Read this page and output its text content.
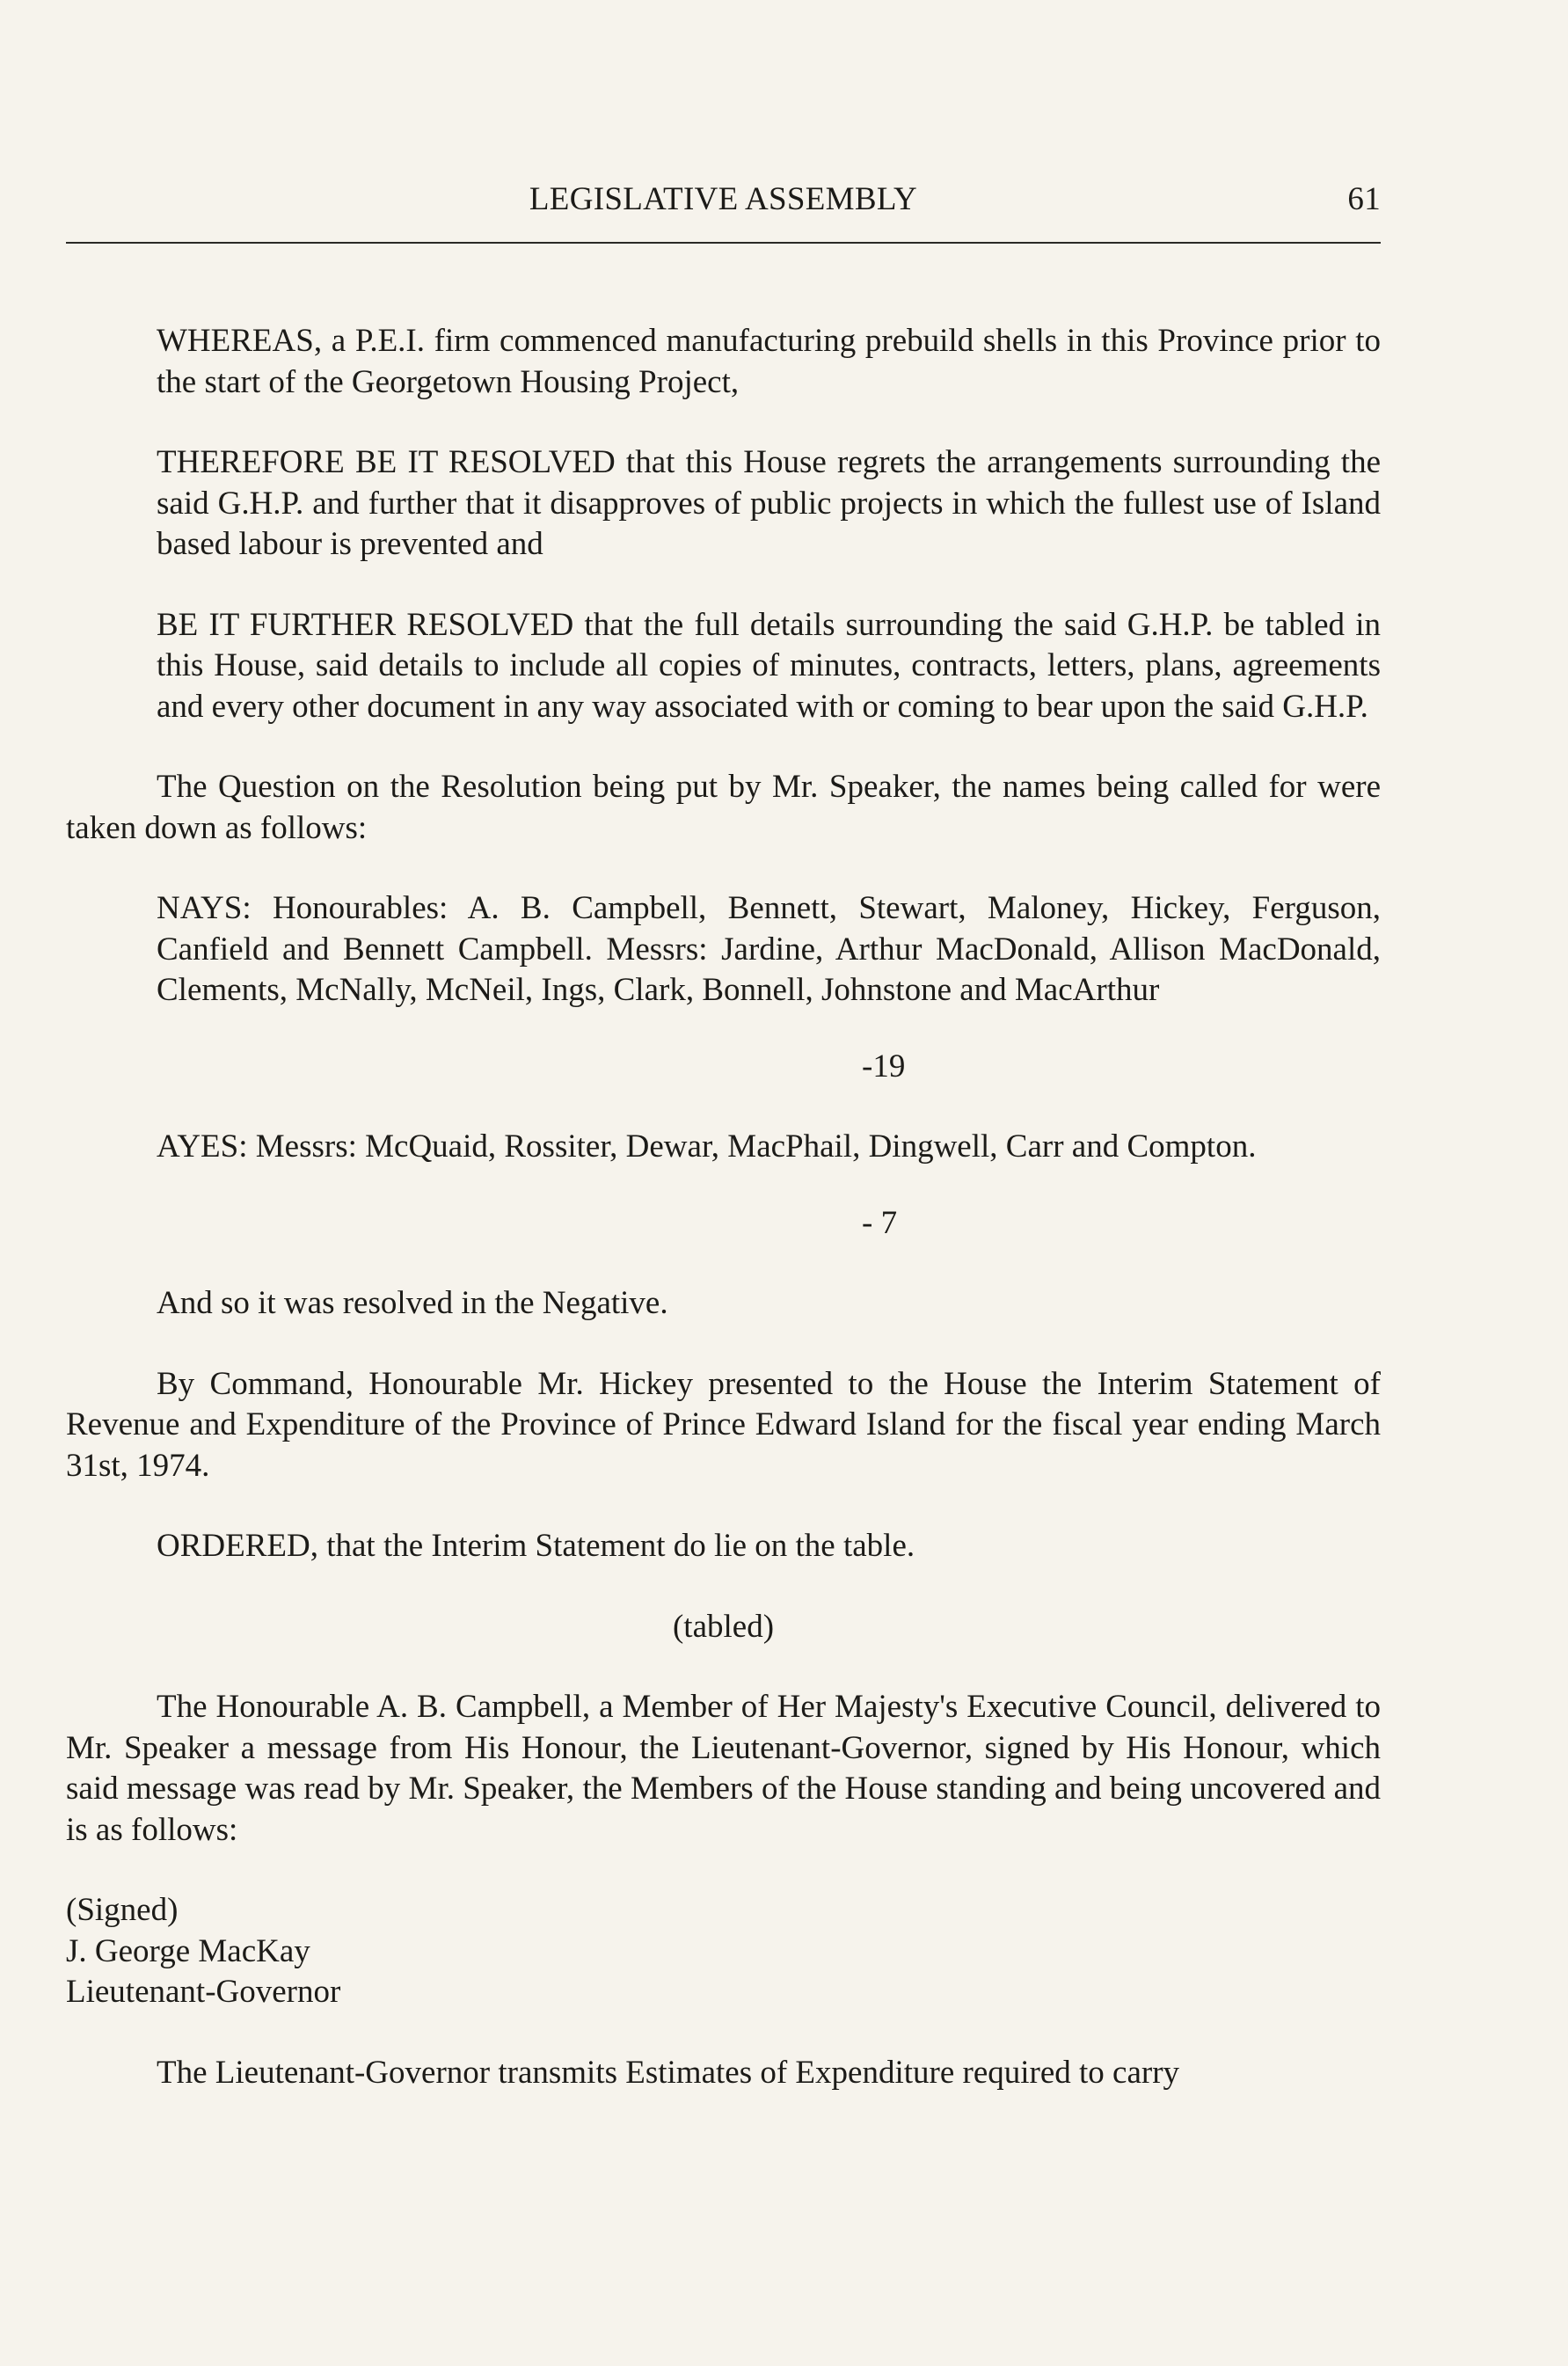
LEGISLATIVE ASSEMBLY	61

WHEREAS, a P.E.I. firm commenced manufacturing prebuild shells in this Province prior to the start of the Georgetown Housing Project,

THEREFORE BE IT RESOLVED that this House regrets the arrangements surrounding the said G.H.P. and further that it disapproves of public projects in which the fullest use of Island based labour is prevented and

BE IT FURTHER RESOLVED that the full details surrounding the said G.H.P. be tabled in this House, said details to include all copies of minutes, contracts, letters, plans, agreements and every other document in any way associated with or coming to bear upon the said G.H.P.

The Question on the Resolution being put by Mr. Speaker, the names being called for were taken down as follows:

NAYS: Honourables: A. B. Campbell, Bennett, Stewart, Maloney, Hickey, Ferguson, Canfield and Bennett Campbell. Messrs: Jardine, Arthur MacDonald, Allison MacDonald, Clements, McNally, McNeil, Ings, Clark, Bonnell, Johnstone and MacArthur

-19

AYES: Messrs: McQuaid, Rossiter, Dewar, MacPhail, Dingwell, Carr and Compton.

- 7

And so it was resolved in the Negative.

By Command, Honourable Mr. Hickey presented to the House the Interim Statement of Revenue and Expenditure of the Province of Prince Edward Island for the fiscal year ending March 31st, 1974.

ORDERED, that the Interim Statement do lie on the table.

(tabled)

The Honourable A. B. Campbell, a Member of Her Majesty's Executive Council, delivered to Mr. Speaker a message from His Honour, the Lieutenant-Governor, signed by His Honour, which said message was read by Mr. Speaker, the Members of the House standing and being uncovered and is as follows:

(Signed)

J. George MacKay

Lieutenant-Governor

The Lieutenant-Governor transmits Estimates of Expenditure required to carry
